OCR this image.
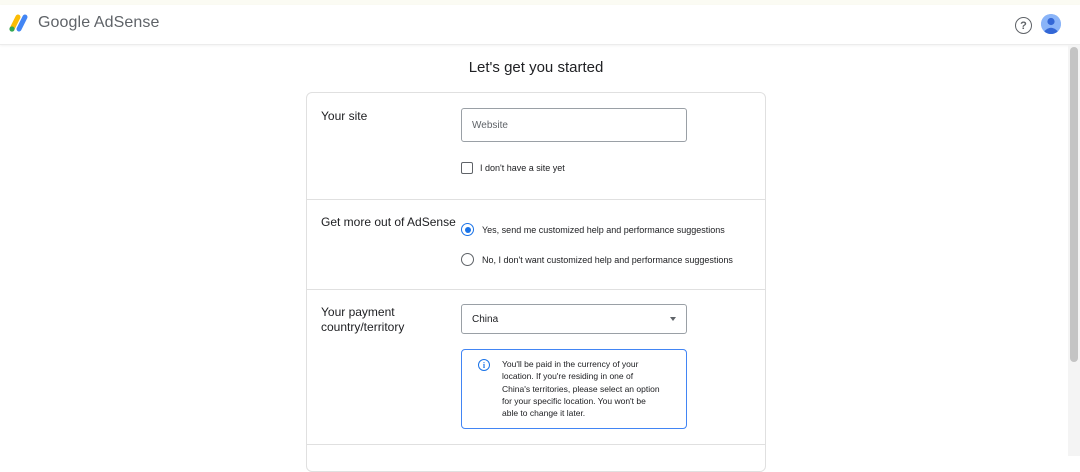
Google AdSense	?
Let's get you started
Your site
Website
I don't have a site yet
Get more out of AdSense
Yes, send me customized help and performance suggestions
No, I don't want customized help and performance suggestions
Your payment
country/territory
China
i	You'll be paid in the currency of your
location. If you're residing in one of
China's territories, please select an option
for your specific location. You won't be
able to change it later.
